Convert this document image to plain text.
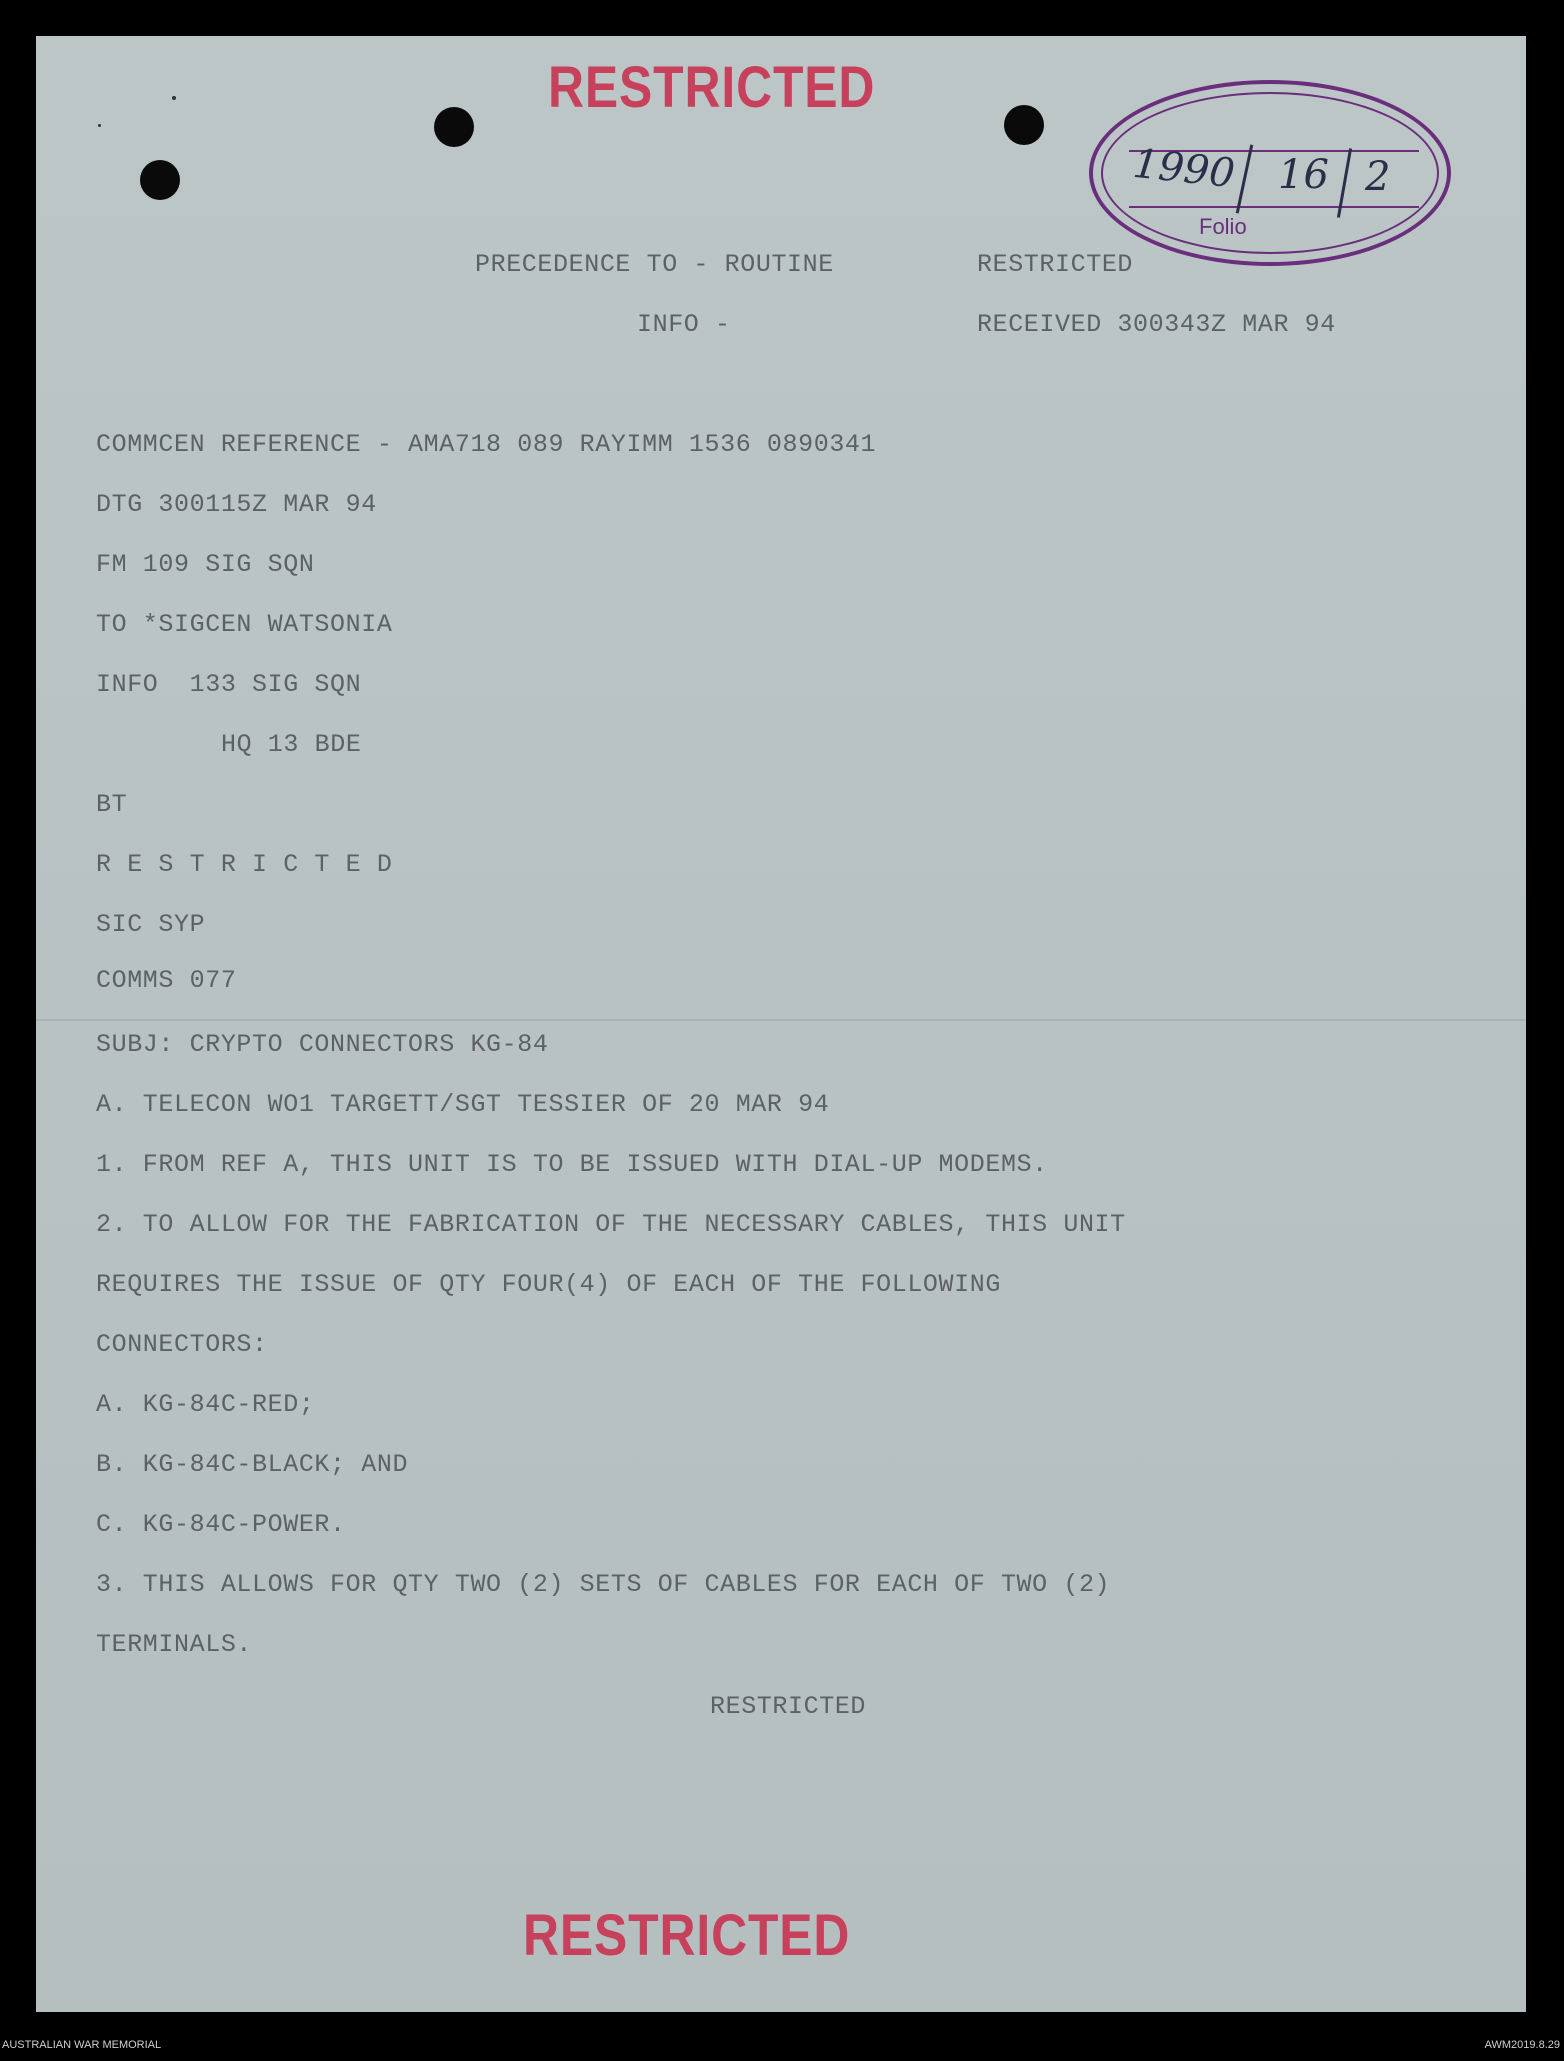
RESTRICTED
1990 16 2
Folio
PRECEDENCE TO - ROUTINE	RESTRICTED
INFO -	RECEIVED 300343Z MAR 94
COMMCEN REFERENCE - AMA718 089 RAYIMM 1536 0890341
DTG 300115Z MAR 94
FM 109 SIG SQN
TO *SIGCEN WATSONIA
INFO  133 SIG SQN
HQ 13 BDE
BT
R E S T R I C T E D
SIC SYP
COMMS 077
SUBJ: CRYPTO CONNECTORS KG-84
A. TELECON WO1 TARGETT/SGT TESSIER OF 20 MAR 94
1. FROM REF A, THIS UNIT IS TO BE ISSUED WITH DIAL-UP MODEMS.
2. TO ALLOW FOR THE FABRICATION OF THE NECESSARY CABLES, THIS UNIT
REQUIRES THE ISSUE OF QTY FOUR(4) OF EACH OF THE FOLLOWING
CONNECTORS:
A. KG-84C-RED;
B. KG-84C-BLACK; AND
C. KG-84C-POWER.
3. THIS ALLOWS FOR QTY TWO (2) SETS OF CABLES FOR EACH OF TWO (2)
TERMINALS.
RESTRICTED
RESTRICTED
AUSTRALIAN WAR MEMORIAL	AWM2019.8.29
